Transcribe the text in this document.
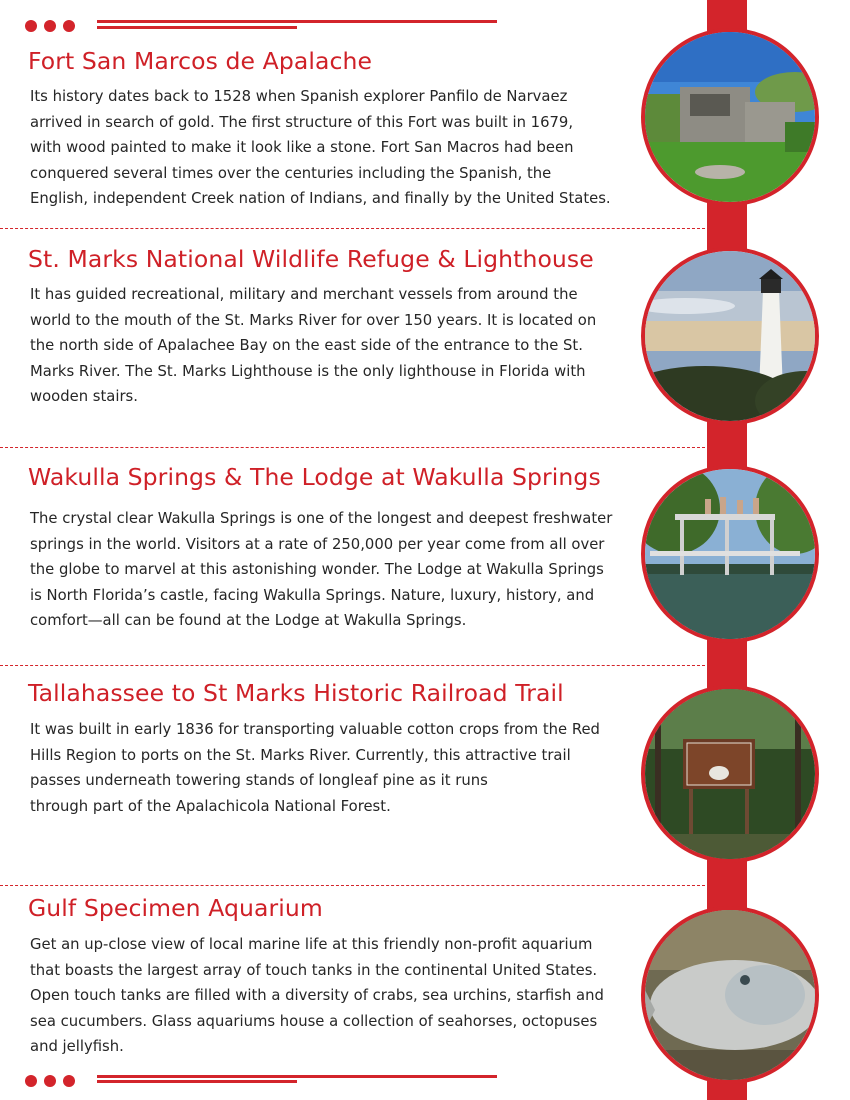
Fort San Marcos de Apalache

Its history dates back to 1528 when Spanish explorer Panfilo de Narvaez
arrived in search of gold. The first structure of this Fort was built in 1679,
with wood painted to make it look like a stone. Fort San Macros had been
conquered several times over the centuries including the Spanish, the
English, independent Creek nation of Indians, and finally by the United States.

St. Marks National Wildlife Refuge & Lighthouse

It has guided recreational, military and merchant vessels from around the
world to the mouth of the St. Marks River for over 150 years. It is located on
the north side of Apalachee Bay on the east side of the entrance to the St.
Marks River. The St. Marks Lighthouse is the only lighthouse in Florida with
wooden stairs.

Wakulla Springs & The Lodge at Wakulla Springs

The crystal clear Wakulla Springs is one of the longest and deepest freshwater
springs in the world. Visitors at a rate of 250,000 per year come from all over
the globe to marvel at this astonishing wonder. The Lodge at Wakulla Springs
is North Florida’s castle, facing Wakulla Springs. Nature, luxury, history, and
comfort—all can be found at the Lodge at Wakulla Springs.

Tallahassee to St Marks Historic Railroad Trail

It was built in early 1836 for transporting valuable cotton crops from the Red
Hills Region to ports on the St. Marks River. Currently, this attractive trail
passes underneath towering stands of longleaf pine as it runs
through part of the Apalachicola National Forest.

Gulf Specimen Aquarium

Get an up-close view of local marine life at this friendly non-profit aquarium
that boasts the largest array of touch tanks in the continental United States.
Open touch tanks are filled with a diversity of crabs, sea urchins, starfish and
sea cucumbers. Glass aquariums house a collection of seahorses, octopuses
and jellyfish.
